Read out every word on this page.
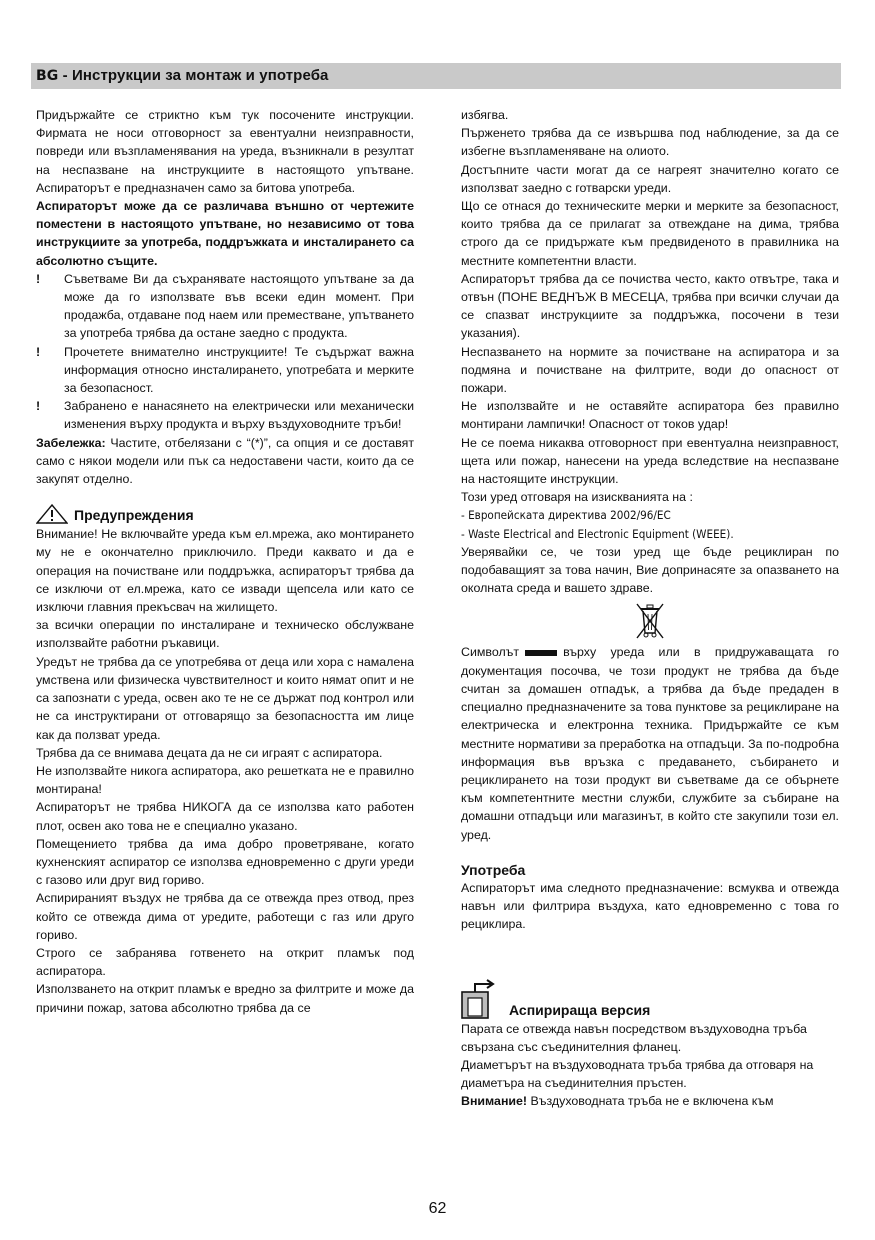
BG - Инструкции за монтаж и употреба

Придържайте се стриктно към тук посочените инструкции. Фирмата не носи отговорност за евентуални неизправности, повреди или възпламенявания на уреда, възникнали в резултат на неспазване на инструкциите в настоящото упътване. Аспираторът е предназначен само за битова употреба.

Аспираторът може да се различава външно от чертежите поместени в настоящото упътване, но независимо от това инструкциите за употреба, поддръжката и инсталирането са абсолютно същите.

! Съветваме Ви да съхранявате настоящото упътване за да може да го използвате във всеки един момент. При продажба, отдаване под наем или преместване, упътването за употреба трябва да остане заедно с продукта.
! Прочетете внимателно инструкциите! Те съдържат важна информация относно инсталирането, употребата и мерките за безопасност.
! Забранено е нанасянето на електрически или механически изменения върху продукта и върху въздуховодните тръби!

Забележка: Частите, отбелязани с “(*)”, са опция и се доставят само с някои модели или пък са недоставени части, които да се закупят отделно.

Предупреждения

Внимание! Не включвайте уреда към ел.мрежа, ако монтирането му не е окончателно приключило. Преди каквато и да е операция на почистване или поддръжка, аспираторът трябва да се изключи от ел.мрежа, като се извади щепсела или като се изключи главния прекъсвач на жилището.

за всички операции по инсталиране и техническо обслужване използвайте работни ръкавици.

Уредът не трябва да се употребява от деца или хора с намалена умствена или физическа чувствителност и които нямат опит и не са запознати с уреда, освен ако те не се държат под контрол или не са инструктирани от отговарящо за безопасността им лице как да ползват уреда.

Трябва да се внимава децата да не си играят с аспиратора.

Не използвайте никога аспиратора, ако решетката не е правилно монтирана!

Аспираторът не трябва НИКОГА да се използва като работен плот, освен ако това не е специално указано.

Помещението трябва да има добро проветряване, когато кухненският аспиратор се използва едновременно с други уреди с газово или друг вид гориво.

Аспирираният въздух не трябва да се отвежда през отвод, през който се отвежда дима от уредите, работещи с газ или друго гориво.

Строго се забранява готвенето на открит пламък под аспиратора.

Използването на открит пламък е вредно за филтрите и може да причини пожар, затова абсолютно трябва да се

избягва.

Пърженето трябва да се извършва под наблюдение, за да се избегне възпламеняване на олиото.

Достъпните части могат да се нагреят значително когато се използват заедно с готварски уреди.

Що се отнася до техническите мерки и мерките за безопасност, които трябва да се прилагат за отвеждане на дима, трябва строго да се придържате към предвиденото в правилника на местните компетентни власти.

Аспираторът трябва да се почиства често, както отвътре, така и отвън (ПОНЕ ВЕДНЪЖ В МЕСЕЦА, трябва при всички случаи да се спазват инструкциите за поддръжка, посочени в тези указания).

Неспазването на нормите за почистване на аспиратора и за подмяна и почистване на филтрите, води до опасност от пожари.

Не използвайте и не оставяйте аспиратора без правилно монтирани лампички! Опасност от токов удар!

Не се поема никаква отговорност при евентуална неизправност, щета или пожар, нанесени на уреда вследствие на неспазване на настоящите инструкции.

Този уред отговаря на изискванията на :

- Европейската директива 2002/96/EC

- Waste Electrical and Electronic Equipment (WEEE).

Уверявайки се, че този уред ще бъде рециклиран по подобаващият за това начин, Вие допринасяте за опазването на околната среда и вашето здраве.

Символът	върху уреда или в придружаващата го документация посочва, че този продукт не трябва да бъде считан за домашен отпадък, а трябва да бъде предаден в специално предназначените за това пунктове за рециклиране на електрическа и електронна техника. Придържайте се към местните нормативи за преработка на отпадъци. За по-подробна информация във връзка с предаването, събирането и рециклирането на този продукт ви съветваме да се обърнете към компетентните местни служби, службите за събиране на домашни отпадъци или магазинът, в който сте закупили този ел. уред.

Употреба

Аспираторът има следното предназначение: всмуква и отвежда навън или филтрира въздуха, като едновременно с това го рециклира.

Аспирираща версия

Парата се отвежда навън посредством въздуховодна тръба свързана със съединителния фланец.

Диаметърът на въздуховодната тръба трябва да отговаря на диаметъра на съединителния пръстен.

Внимание! Въздуховодната тръба не е включена към

62
